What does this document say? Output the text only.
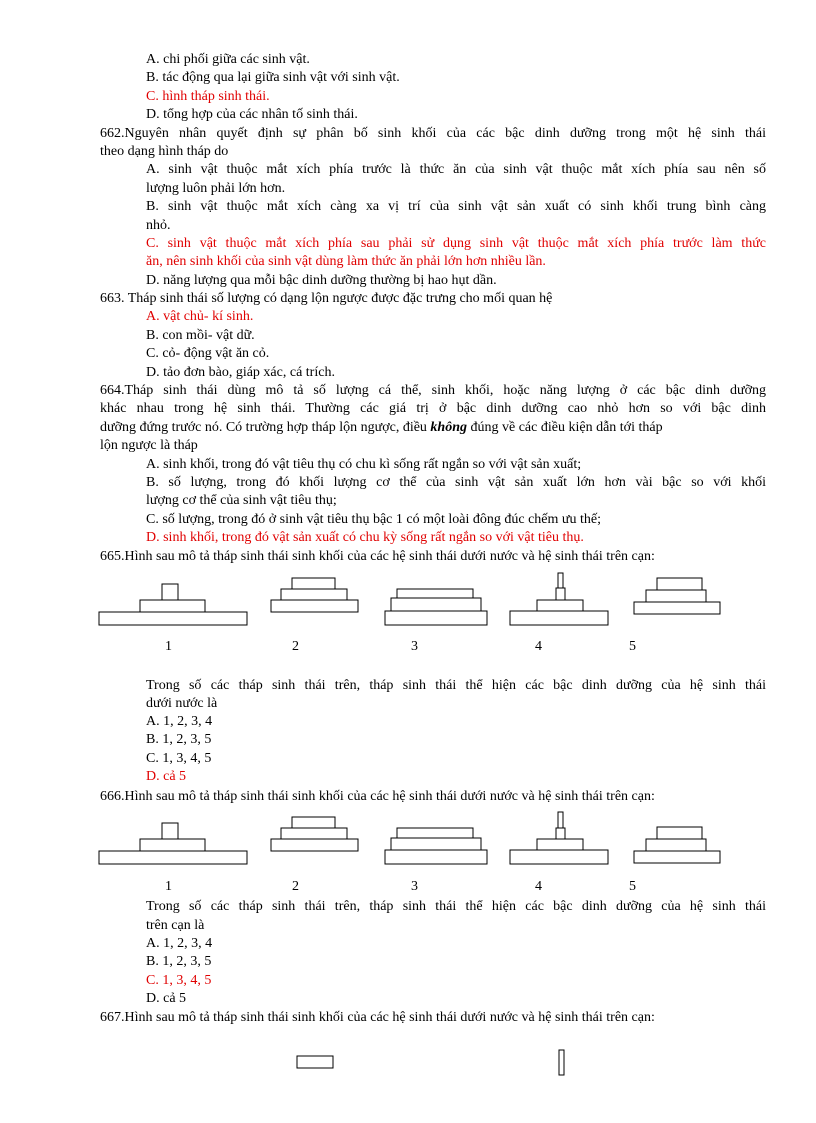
A. chi phối giữa các sinh vật.
B. tác động qua lại giữa sinh vật với sinh vật.
C. hình tháp sinh thái.
D. tổng hợp của các nhân tố sinh thái.
662.Nguyên nhân quyết định sự phân bố sinh khối của các bậc dinh dưỡng trong một hệ sinh thái
theo dạng hình tháp do
A. sinh vật thuộc mắt xích phía trước là thức ăn của sinh vật thuộc mắt xích phía sau nên số
lượng luôn phải lớn hơn.
B. sinh vật thuộc mắt xích càng xa vị trí của sinh vật sản xuất có sinh khối trung bình càng
nhỏ.
C. sinh vật thuộc mắt xích phía sau phải sử dụng sinh vật thuộc mắt xích phía trước làm thức
ăn, nên sinh khối của sinh vật dùng làm thức ăn phải lớn hơn nhiều lần.
D. năng lượng qua mỗi bậc dinh dưỡng thường bị hao hụt dần.
663. Tháp sinh thái số lượng có dạng lộn ngược được đặc trưng cho mối quan hệ
A. vật chủ- kí sinh.
B. con mồi- vật dữ.
C. cỏ- động vật ăn cỏ.
D. tảo đơn bào, giáp xác, cá trích.
664.Tháp sinh thái dùng mô tả số lượng cá thể, sinh khối, hoặc năng lượng ở các bậc dinh dưỡng
khác nhau trong hệ sinh thái. Thường các giá trị ở bậc dinh dưỡng cao nhỏ hơn so với bậc dinh
dưỡng đứng trước nó. Có trường hợp tháp lộn ngược, điều không đúng về các điều kiện dẫn tới tháp
lộn ngược là tháp
A. sinh khối, trong đó vật tiêu thụ có chu kì sống rất ngắn so với vật sản xuất;
B. số lượng, trong đó khối lượng cơ thể của sinh vật sản xuất lớn hơn vài bậc so với khối
lượng cơ thể của sinh vật tiêu thụ;
C. số lượng, trong đó ở sinh vật tiêu thụ bậc 1 có một loài đông đúc chếm ưu thế;
D. sinh khối, trong đó vật sản xuất có chu kỳ sống rất ngắn so với vật tiêu thụ.
665.Hình sau mô tả tháp sinh thái sinh khối của các hệ sinh thái dưới nước và hệ sinh thái trên cạn:
1	2	3	4	5
Trong số các tháp sinh thái trên, tháp sinh thái thể hiện các bậc dinh dưỡng của hệ sinh thái
dưới nước là
A. 1, 2, 3, 4
B. 1, 2, 3, 5
C. 1, 3, 4, 5
D. cả 5
666.Hình sau mô tả tháp sinh thái sinh khối của các hệ sinh thái dưới nước và hệ sinh thái trên cạn:
1	2	3	4	5
Trong số các tháp sinh thái trên, tháp sinh thái thể hiện các bậc dinh dưỡng của hệ sinh thái
trên cạn là
A. 1, 2, 3, 4
B. 1, 2, 3, 5
C. 1, 3, 4, 5
D. cả 5
667.Hình sau mô tả tháp sinh thái sinh khối của các hệ sinh thái dưới nước và hệ sinh thái trên cạn:
